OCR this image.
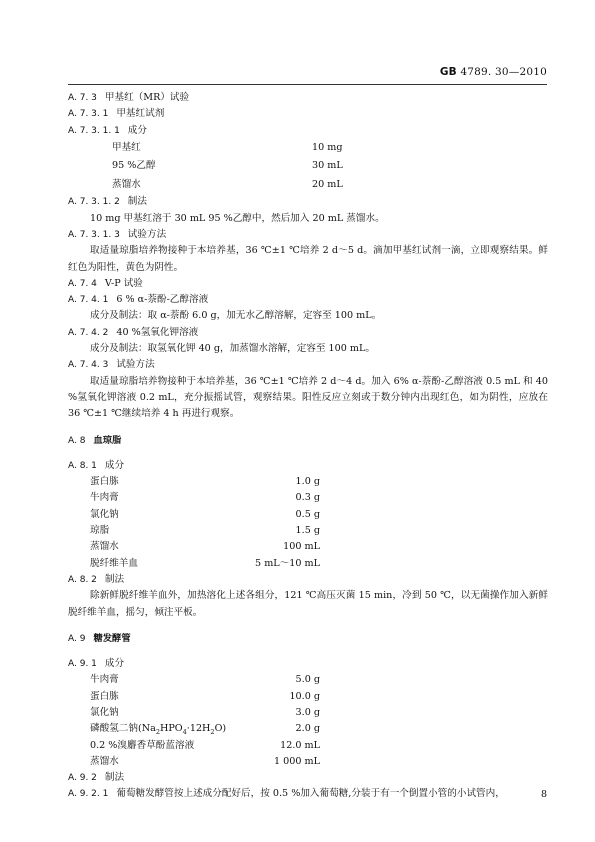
GB 4789. 30—2010
A. 7. 3 甲基红（MR）试验
A. 7. 3. 1 甲基红试剂
A. 7. 3. 1. 1 成分
甲基红	10 mg
95 %乙醇	30 mL
蒸馏水	20 mL
A. 7. 3. 1. 2 制法

10 mg 甲基红溶于 30 mL 95 %乙醇中，然后加入 20 mL 蒸馏水。

A. 7. 3. 1. 3 试验方法

取适量琼脂培养物接种于本培养基，36 ℃±1 ℃培养 2 d～5 d。滴加甲基红试剂一滴，立即观察结果。鲜红色为阳性，黄色为阴性。

A. 7. 4 V-P 试验
A. 7. 4. 1 6 % α-萘酚-乙醇溶液

成分及制法：取 α-萘酚 6.0 g，加无水乙醇溶解，定容至 100 mL。

A. 7. 4. 2 40 %氢氧化钾溶液

成分及制法：取氢氧化钾 40 g，加蒸馏水溶解，定容至 100 mL。

A. 7. 4. 3 试验方法

取适量琼脂培养物接种于本培养基，36 ℃±1 ℃培养 2 d～4 d。加入 6% α-萘酚-乙醇溶液 0.5 mL 和 40 %氢氧化钾溶液 0.2 mL，充分振摇试管，观察结果。阳性反应立刻或于数分钟内出现红色，如为阴性，应放在 36 ℃±1 ℃继续培养 4 h 再进行观察。

A. 8 血琼脂
A. 8. 1 成分
蛋白胨	1.0 g
牛肉膏	0.3 g
氯化钠	0.5 g
琼脂	1.5 g
蒸馏水	100 mL
脱纤维羊血	5 mL～10 mL
A. 8. 2 制法

除新鲜脱纤维羊血外，加热溶化上述各组分，121 ℃高压灭菌 15 min，冷到 50 ℃，以无菌操作加入新鲜脱纤维羊血，摇匀，倾注平板。

A. 9 糖发酵管
A. 9. 1 成分
牛肉膏	5.0 g
蛋白胨	10.0 g
氯化钠	3.0 g
磷酸氢二钠$(Na_2HPO_4\cdot 12H_2O)$	2.0 g
0.2 %溴麝香草酚蓝溶液	12.0 mL
蒸馏水	1 000 mL
A. 9. 2 制法
A. 9. 2. 1 葡萄糖发酵管按上述成分配好后，按 0.5 %加入葡萄糖,分装于有一个倒置小管的小试管内，	8
